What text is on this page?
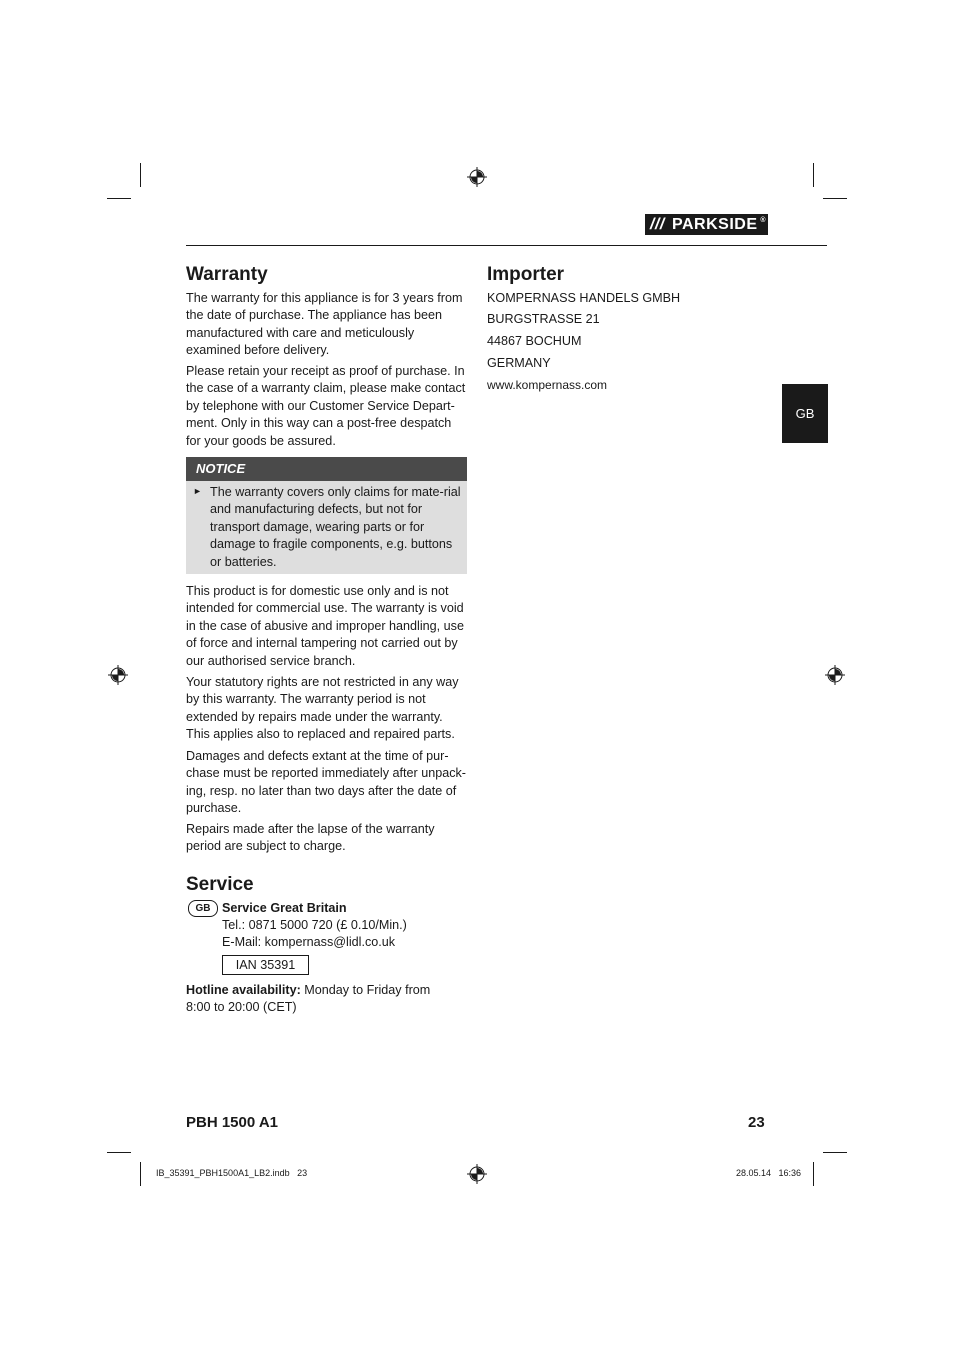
/// PARKSIDE ®
GB
Warranty

The warranty for this appliance is for 3 years from the date of purchase. The appliance has been manufactured with care and meticulously examined before delivery.

Please retain your receipt as proof of purchase. In the case of a warranty claim, please make contact by telephone with our Customer Service Depart-ment. Only in this way can a post-free despatch for your goods be assured.

NOTICE
► The warranty covers only claims for mate-rial and manufacturing defects, but not for transport damage, wearing parts or for damage to fragile components, e.g. buttons or batteries.

This product is for domestic use only and is not intended for commercial use. The warranty is void in the case of abusive and improper handling, use of force and internal tampering not carried out by our authorised service branch.

Your statutory rights are not restricted in any way by this warranty. The warranty period is not extended by repairs made under the warranty. This applies also to replaced and repaired parts.

Damages and defects extant at the time of pur-chase must be reported immediately after unpack-ing, resp. no later than two days after the date of purchase.

Repairs made after the lapse of the warranty period are subject to charge.

Service
GB Service Great Britain
Tel.: 0871 5000 720 (£ 0.10/Min.)
E-Mail: kompernass@lidl.co.uk
IAN 35391
Hotline availability: Monday to Friday from
8:00 to 20:00 (CET)
Importer
KOMPERNASS HANDELS GMBH
BURGSTRASSE 21
44867 BOCHUM
GERMANY
www.kompernass.com
PBH 1500 A1	23
IB_35391_PBH1500A1_LB2.indb   23	28.05.14   16:36
